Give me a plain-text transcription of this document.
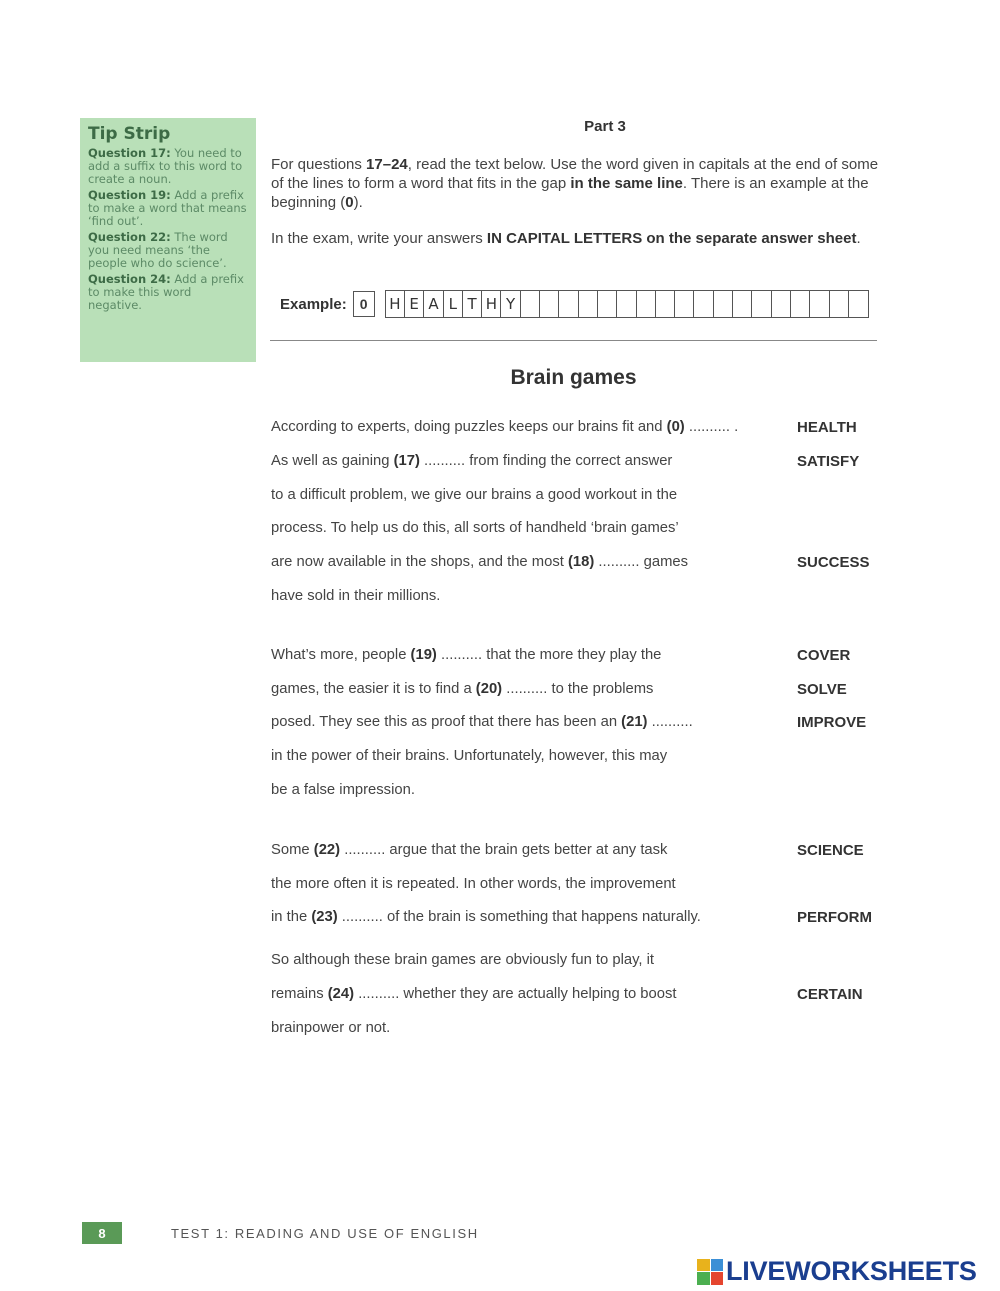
Tip Strip
Question 17: You need to add a suffix to this word to create a noun.
Question 19: Add a prefix to make a word that means ‘find out’.
Question 22: The word you need means ‘the people who do science’.
Question 24: Add a prefix to make this word negative.
Part 3

For questions 17–24, read the text below. Use the word given in capitals at the end of some of the lines to form a word that fits in the gap in the same line. There is an example at the beginning (0).

In the exam, write your answers IN CAPITAL LETTERS on the separate answer sheet.

Example: 0	H E A L T H Y
Brain games
According to experts, doing puzzles keeps our brains fit and (0) .......... .	HEALTH
As well as gaining (17) .......... from finding the correct answer	SATISFY
to a difficult problem, we give our brains a good workout in the
process. To help us do this, all sorts of handheld ‘brain games’
are now available in the shops, and the most (18) .......... games	SUCCESS
have sold in their millions.
What’s more, people (19) .......... that the more they play the	COVER
games, the easier it is to find a (20) .......... to the problems	SOLVE
posed. They see this as proof that there has been an (21) ..........	IMPROVE
in the power of their brains. Unfortunately, however, this may
be a false impression.
Some (22) .......... argue that the brain gets better at any task	SCIENCE
the more often it is repeated. In other words, the improvement
in the (23) .......... of the brain is something that happens naturally.	PERFORM
So although these brain games are obviously fun to play, it
remains (24) .......... whether they are actually helping to boost	CERTAIN
brainpower or not.
8	TEST 1: READING AND USE OF ENGLISH
LIVEWORKSHEETS
